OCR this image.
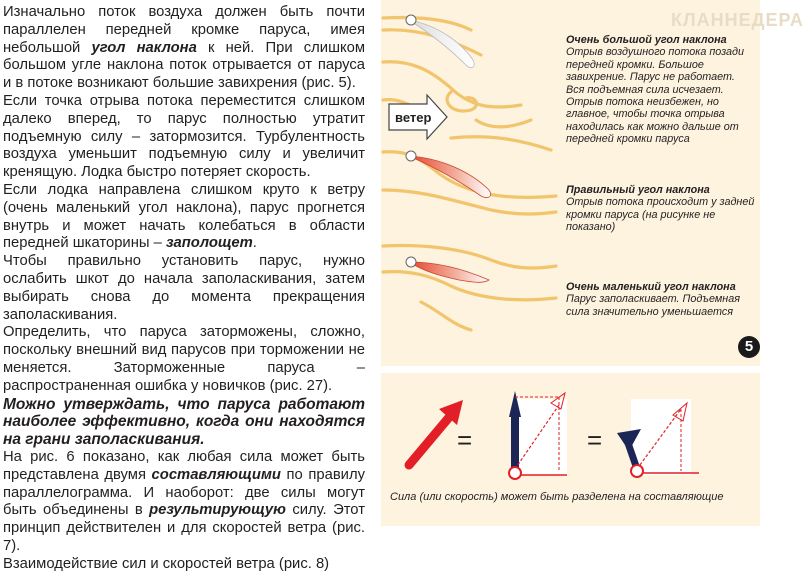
Изначально поток воздуха должен быть почти параллелен передней кромке паруса, имея небольшой угол наклона к ней. При слишком большом угле наклона поток отрывается от паруса и в потоке возникают большие завихрения (рис. 5).

Если точка отрыва потока переместится слишком далеко вперед, то парус полностью утратит подъемную силу – затормозится. Турбулентность воздуха уменьшит подъемную силу и увеличит кренящую. Лодка быстро потеряет скорость.

Если лодка направлена слишком круто к ветру (очень маленький угол наклона), парус прогнется внутрь и может начать колебаться в области передней шкаторины – заполощет.

Чтобы правильно установить парус, нужно ослабить шкот до начала заполаскивания, затем выбирать снова до момента прекращения заполаскивания.

Определить, что паруса заторможены, сложно, поскольку внешний вид парусов при торможении не меняется. Заторможенные паруса – распространенная ошибка у новичков (рис. 27).

Можно утверждать, что паруса работают наиболее эффективно, когда они находятся на грани заполаскивания.

На рис. 6 показано, как любая сила может быть представлена двумя составляющими по правилу параллелограмма. И наоборот: две силы могут быть объединены в результирующую силу. Этот принцип действителен и для скоростей ветра (рис. 7).

Взаимодействие сил и скоростей ветра (рис. 8)

КЛАННЕДЕРА
ветер
Очень большой угол наклона
Отрыв воздушного потока позади передней кромки. Большое завихрение. Парус не работает. Вся подъемная сила исчезает. Отрыв потока неизбежен, но главное, чтобы точка отрыва находилась как можно дальше от передней кромки паруса
Правильный угол наклона
Отрыв потока происходит у задней кромки паруса (на рисунке не показано)
Очень маленький угол наклона
Парус заполаскивает. Подъемная сила значительно уменьшается
5
=	=
Сила (или скорость) может быть разделена на составляющие
